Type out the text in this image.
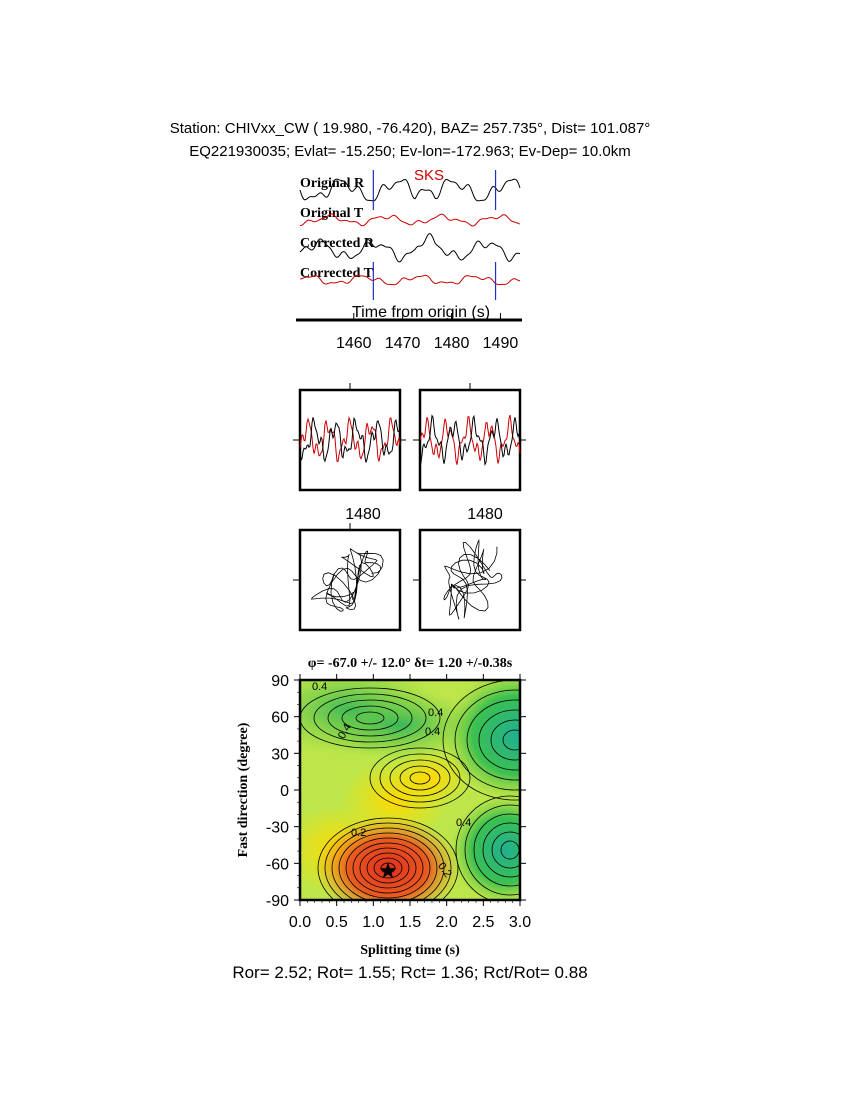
Station: CHIVxx_CW ( 19.980, -76.420), BAZ= 257.735°, Dist= 101.087°
EQ221930035; Evlat= -15.250; Ev-lon=-172.963; Ev-Dep= 10.0km
Original R
Original T
Corrected R
Corrected T
SKS
Time from origin (s)
1460 1470 1480 1490
1480	1480
φ= -67.0 +/- 12.0° δt= 1.20 +/-0.38s
0.4
0.4
0.4
0.4
0.2
0.4
0.2
★
0.0 0.5 1.0 1.5 2.0 2.5 3.0
90
60
30
0
-30
-60
-90
Splitting time (s)
Fast direction (degree)
Ror= 2.52; Rot= 1.55; Rct= 1.36; Rct/Rot= 0.88
